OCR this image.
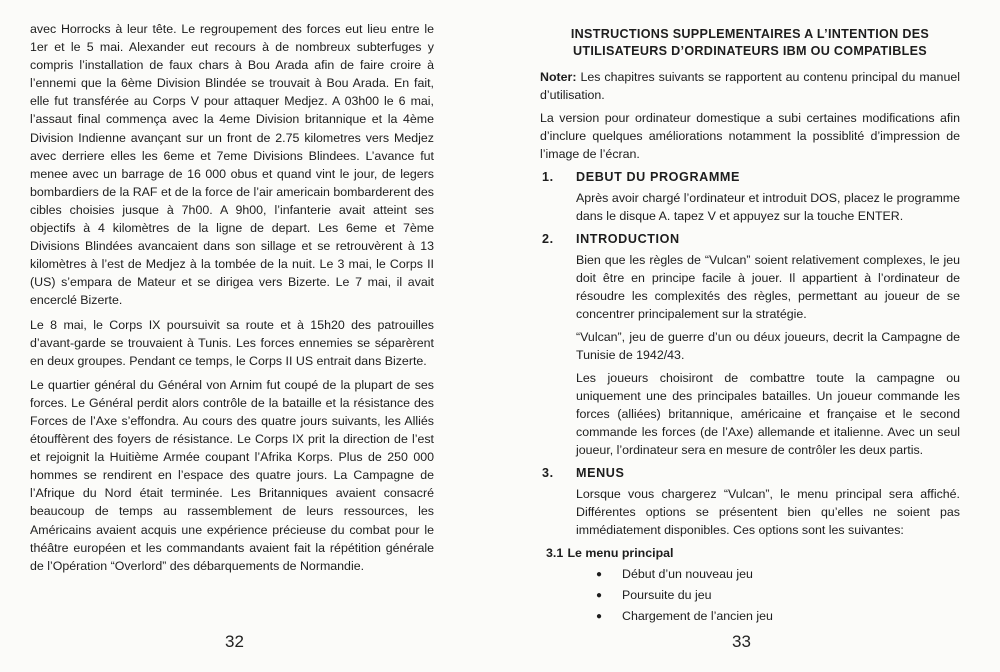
avec Horrocks à leur tête. Le regroupement des forces eut lieu entre le 1er et le 5 mai. Alexander eut recours à de nombreux subterfuges y compris l’installation de faux chars à Bou Arada afin de faire croire à l’ennemi que la 6ème Division Blindée se trouvait à Bou Arada. En fait, elle fut transférée au Corps V pour attaquer Medjez. A 03h00 le 6 mai, l’assaut final commença avec la 4eme Division britannique et la 4ème Division Indienne avançant sur un front de 2.75 kilometres vers Medjez avec derriere elles les 6eme et 7eme Divisions Blindees. L’avance fut menee avec un barrage de 16 000 obus et quand vint le jour, de legers bombardiers de la RAF et de la force de l’air americain bombarderent des cibles choisies jusque à 7h00. A 9h00, l’infanterie avait atteint ses objectifs à 4 kilomètres de la ligne de depart. Les 6eme et 7ème Divisions Blindées avancaient dans son sillage et se retrouvèrent à 13 kilomètres à l’est de Medjez à la tombée de la nuit. Le 3 mai, le Corps II (US) s’empara de Mateur et se dirigea vers Bizerte. Le 7 mai, il avait encerclé Bizerte.

Le 8 mai, le Corps IX poursuivit sa route et à 15h20 des patrouilles d’avant-garde se trouvaient à Tunis. Les forces ennemies se séparèrent en deux groupes. Pendant ce temps, le Corps II US entrait dans Bizerte.

Le quartier général du Général von Arnim fut coupé de la plupart de ses forces. Le Général perdit alors contrôle de la bataille et la résistance des Forces de l’Axe s’effondra. Au cours des quatre jours suivants, les Alliés étouffèrent des foyers de résistance. Le Corps IX prit la direction de l’est et rejoignit la Huitième Armée coupant l’Afrika Korps. Plus de 250 000 hommes se rendirent en l’espace des quatre jours. La Campagne de l’Afrique du Nord était terminée. Les Britanniques avaient consacré beaucoup de temps au rassemblement de leurs ressources, les Américains avaient acquis une expérience précieuse du combat pour le théâtre européen et les commandants avaient fait la répétition générale de l’Opération “Overlord” des débarquements de Normandie.

32
INSTRUCTIONS SUPPLEMENTAIRES A L’INTENTION DES
UTILISATEURS D’ORDINATEURS IBM OU COMPATIBLES

Noter: Les chapitres suivants se rapportent au contenu principal du manuel d’utilisation.

La version pour ordinateur domestique a subi certaines modifications afin d’inclure quelques améliorations notamment la possiblité d’impression de l’image de l’écran.

1.	DEBUT DU PROGRAMME

Après avoir chargé l’ordinateur et introduit DOS, placez le programme dans le disque A. tapez V et appuyez sur la touche ENTER.

2.	INTRODUCTION

Bien que les règles de “Vulcan” soient relativement complexes, le jeu doit être en principe facile à jouer. Il appartient à l’ordinateur de résoudre les complexités des règles, permettant au joueur de se concentrer principalement sur la stratégie.

“Vulcan”, jeu de guerre d’un ou déux joueurs, decrit la Campagne de Tunisie de 1942/43.

Les joueurs choisiront de combattre toute la campagne ou uniquement une des principales batailles. Un joueur commande les forces (alliées) britannique, américaine et française et le second commande les forces (de l’Axe) allemande et italienne. Avec un seul joueur, l’ordinateur sera en mesure de contrôler les deux partis.

3.	MENUS

Lorsque vous chargerez “Vulcan”, le menu principal sera affiché. Différentes options se présentent bien qu’elles ne soient pas immédiatement disponibles. Ces options sont les suivantes:

3.1 Le menu principal
● Début d’un nouveau jeu
● Poursuite du jeu
● Chargement de l’ancien jeu
33
